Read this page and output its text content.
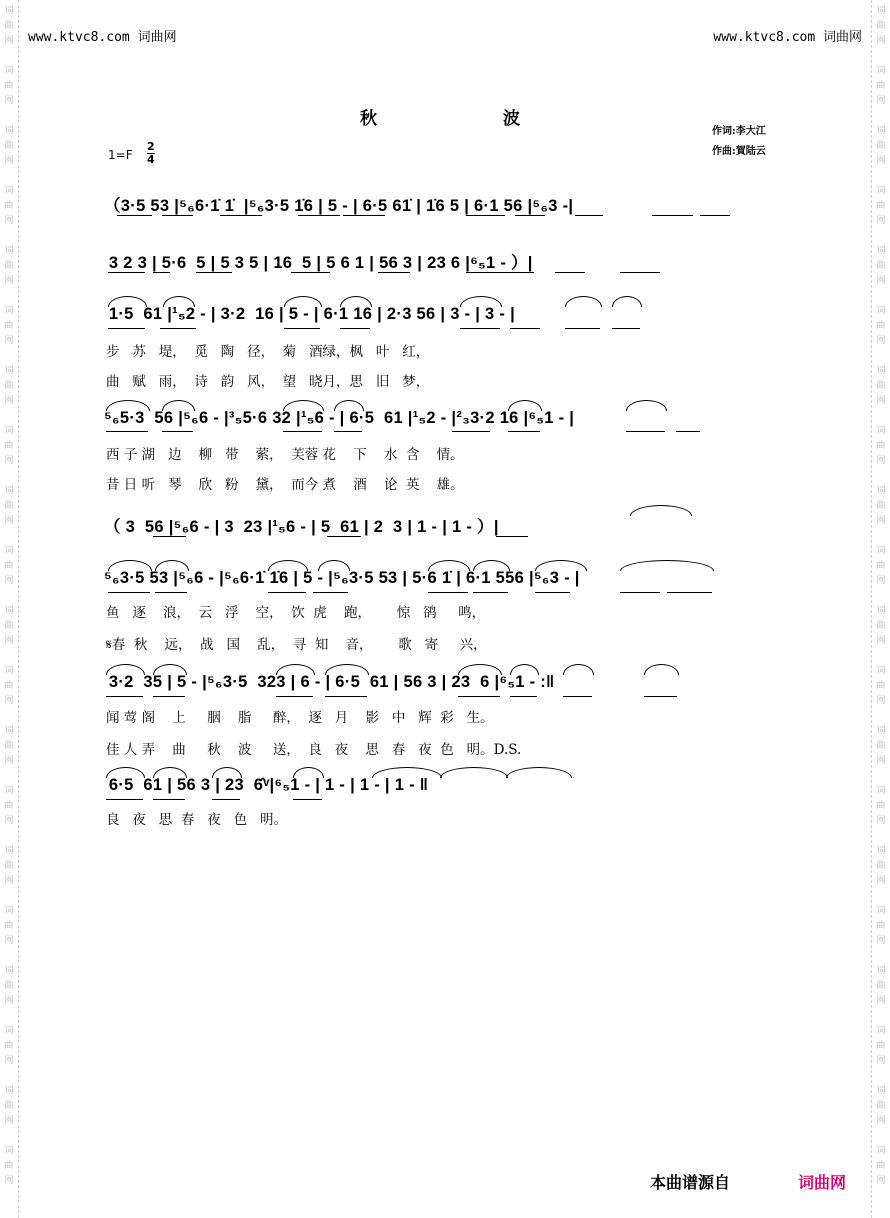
词
曲
网
词
曲
网
词
曲
网
词
曲
网
词
曲
网
词
曲
网
词
曲
网
词
曲
网
词
曲
网
词
曲
网
词
曲
网
词
曲
网
词
曲
网
词
曲
网
词
曲
网
词
曲
网
词
曲
网
词
曲
网
词
曲
网
词
曲
网
词
曲
网
词
曲
网
词
曲
网
词
曲
网
词
曲
网
词
曲
网
词
曲
网
词
曲
网
词
曲
网
词
曲
网
词
曲
网
词
曲
网
词
曲
网
词
曲
网
词
曲
网
词
曲
网
词
曲
网
词
曲
网
词
曲
网
词
曲
网
www.ktvc8.com 词曲网	www.ktvc8.com 词曲网
秋 波
作词:李大江
作曲:賀陆云
1=F
2
4
（3·5 53 |⁵₆6·1̇ 1̇  |⁵₆3·5 1̇6 | 5 - | 6·5 61̇ | 1̇6 5 | 6·1 56 |⁵₆3 -|
3 2 3 | 5·6  5 | 5 3 5 | 16  5 | 5 6 1 | 56 3 | 23 6 |⁶₅1 - ）|
1·5  61 |¹₅2 - | 3·2  16 | 5 - | 6·1 16 | 2·3 56 | 3 - | 3 - |
步   苏   堤，  觅   陶   径，  菊   酒绿，枫   叶   红，
曲   赋   雨，  诗   韵   风，  望   晓月，思   旧   梦，
⁵₆5·3  56 |⁵₆6 - |³₅5·6 32 |¹₅6 - | 6·5  61 |¹₅2 - |²₃3·2 16 |⁶₅1 - |
西 子 湖   边    柳   带    萦，  芙蓉 花    下    水  含    情。
昔 日 听   琴    欣   粉    黛，  而今 煮    酒    论  英    雄。
（ 3  56 |⁵₆6 - | 3  23 |¹₅6 - | 5  61 | 2  3 | 1 - | 1 - ）|
⁵₆3·5 53 |⁵₆6 - |⁵₆6·1̇ 1̇6 | 5 - |⁵₆3·5 53 | 5·6 1̇ | 6·1 556 |⁵₆3 - |
鱼   逐    浪，  云   浮    空，  饮  虎    跑，      惊   鹆     鸣，
𝄋春  秋    远，  战   国    乱，  寻  知    音，      歌   寄     兴，
3·2  35 | 5 - |⁵₆3·5  323 | 6 - | 6·5  61 | 56 3 | 23  6 |⁶₅1 - :‖
闻 莺 阁    上     胭    脂     醉，  逐   月    影   中   辉  彩   生。
佳 人 弄    曲     秋    波     送，  良   夜    思   春   夜  色   明。D.S.
6·5  61 | 56 3 | 23  6̂ᵛ|⁶₅1 - | 1 - | 1 - | 1 - ‖
良   夜   思  春   夜   色   明。
本曲谱源自	词曲网
